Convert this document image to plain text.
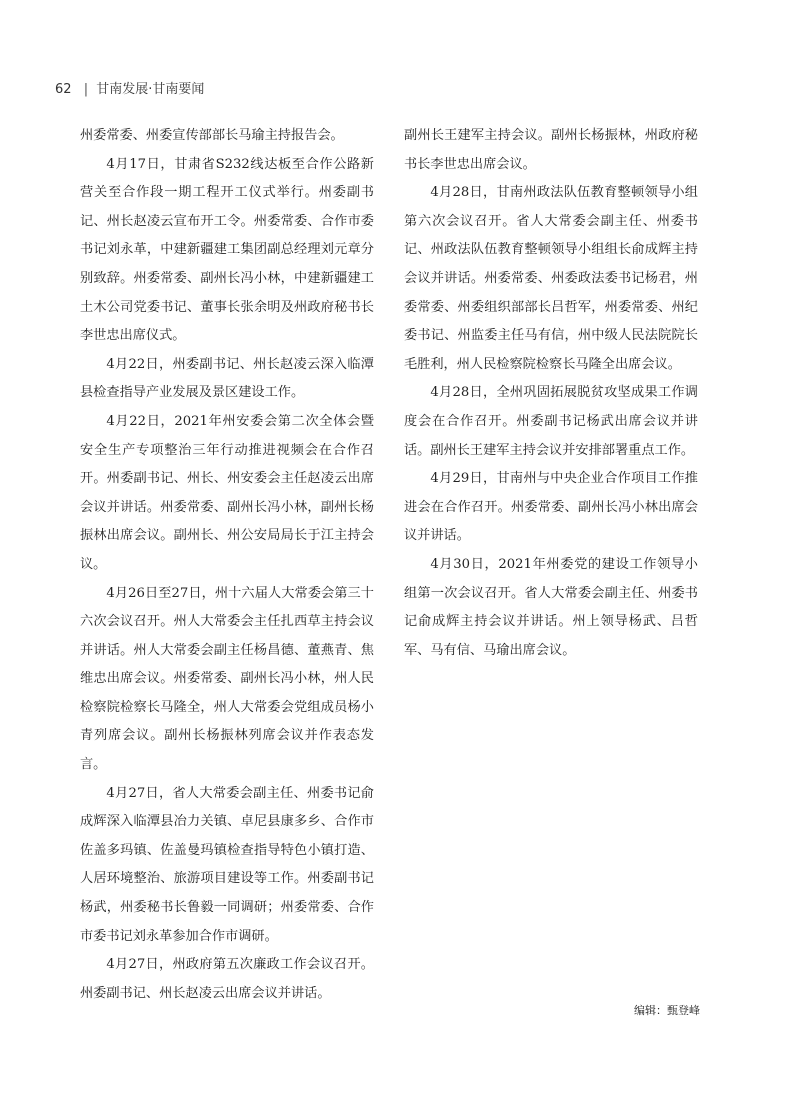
62 | 甘南发展·甘南要闻

州委常委、州委宣传部部长马瑜主持报告会。

4月17日，甘肃省S232线达板至合作公路新营关至合作段一期工程开工仪式举行。州委副书记、州长赵凌云宣布开工令。州委常委、合作市委书记刘永革，中建新疆建工集团副总经理刘元章分别致辞。州委常委、副州长冯小林，中建新疆建工土木公司党委书记、董事长张余明及州政府秘书长李世忠出席仪式。

4月22日，州委副书记、州长赵凌云深入临潭县检查指导产业发展及景区建设工作。

4月22日，2021年州安委会第二次全体会暨安全生产专项整治三年行动推进视频会在合作召开。州委副书记、州长、州安委会主任赵凌云出席会议并讲话。州委常委、副州长冯小林，副州长杨振林出席会议。副州长、州公安局局长于江主持会议。

4月26日至27日，州十六届人大常委会第三十六次会议召开。州人大常委会主任扎西草主持会议并讲话。州人大常委会副主任杨昌德、董燕青、焦维忠出席会议。州委常委、副州长冯小林，州人民检察院检察长马隆全，州人大常委会党组成员杨小青列席会议。副州长杨振林列席会议并作表态发言。

4月27日，省人大常委会副主任、州委书记俞成辉深入临潭县冶力关镇、卓尼县康多乡、合作市佐盖多玛镇、佐盖曼玛镇检查指导特色小镇打造、人居环境整治、旅游项目建设等工作。州委副书记杨武，州委秘书长鲁毅一同调研；州委常委、合作市委书记刘永革参加合作市调研。

4月27日，州政府第五次廉政工作会议召开。州委副书记、州长赵凌云出席会议并讲话。

副州长王建军主持会议。副州长杨振林，州政府秘书长李世忠出席会议。

4月28日，甘南州政法队伍教育整顿领导小组第六次会议召开。省人大常委会副主任、州委书记、州政法队伍教育整顿领导小组组长俞成辉主持会议并讲话。州委常委、州委政法委书记杨君，州委常委、州委组织部部长吕哲军，州委常委、州纪委书记、州监委主任马有信，州中级人民法院院长毛胜利，州人民检察院检察长马隆全出席会议。

4月28日，全州巩固拓展脱贫攻坚成果工作调度会在合作召开。州委副书记杨武出席会议并讲话。副州长王建军主持会议并安排部署重点工作。

4月29日，甘南州与中央企业合作项目工作推进会在合作召开。州委常委、副州长冯小林出席会议并讲话。

4月30日，2021年州委党的建设工作领导小组第一次会议召开。省人大常委会副主任、州委书记俞成辉主持会议并讲话。州上领导杨武、吕哲军、马有信、马瑜出席会议。

编辑：甄登峰
